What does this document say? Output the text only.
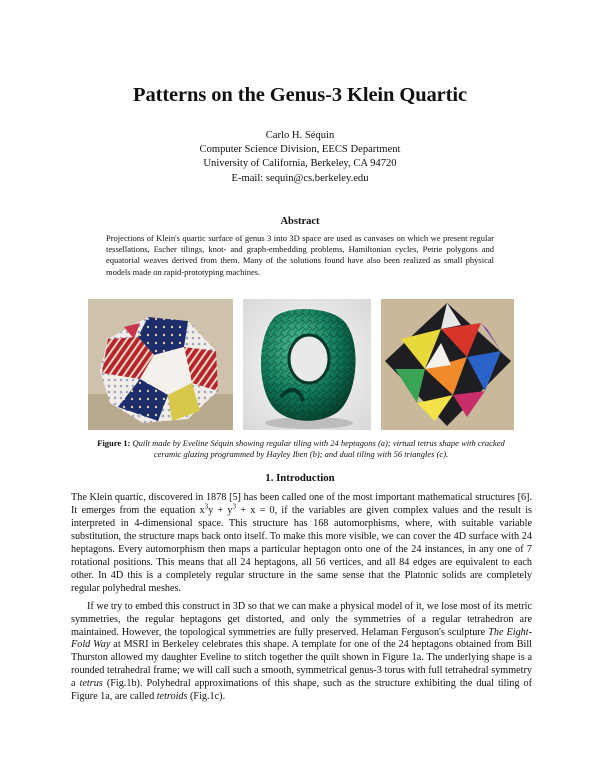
Patterns on the Genus-3 Klein Quartic
Carlo H. Séquin
Computer Science Division, EECS Department
University of California, Berkeley, CA 94720
E-mail: sequin@cs.berkeley.edu
Abstract
Projections of Klein's quartic surface of genus 3 into 3D space are used as canvases on which we present regular tessellations, Escher tilings, knot- and graph-embedding problems, Hamiltonian cycles, Petrie polygons and equatorial weaves derived from them. Many of the solutions found have also been realized as small physical models made on rapid-prototyping machines.
Figure 1: Quilt made by Eveline Séquin showing regular tiling with 24 heptagons (a); virtual tetrus shape with cracked ceramic glazing programmed by Hayley Iben (b); and dual tiling with 56 triangles (c).
1. Introduction

The Klein quartic, discovered in 1878 [5] has been called one of the most important mathematical structures [6]. It emerges from the equation $x^3y + y^3 + x = 0$, if the variables are given complex values and the result is interpreted in 4-dimensional space. This structure has 168 automorphisms, where, with suitable variable substitution, the structure maps back onto itself. To make this more visible, we can cover the 4D surface with 24 heptagons. Every automorphism then maps a particular heptagon onto one of the 24 instances, in any one of 7 rotational positions. This means that all 24 heptagons, all 56 vertices, and all 84 edges are equivalent to each other. In 4D this is a completely regular structure in the same sense that the Platonic solids are completely regular polyhedral meshes.

If we try to embed this construct in 3D so that we can make a physical model of it, we lose most of its metric symmetries, the regular heptagons get distorted, and only the symmetries of a regular tetrahedron are maintained. However, the topological symmetries are fully preserved. Helaman Ferguson's sculpture The Eight-Fold Way at MSRI in Berkeley celebrates this shape. A template for one of the 24 heptagons obtained from Bill Thurston allowed my daughter Eveline to stitch together the quilt shown in Figure 1a. The underlying shape is a rounded tetrahedral frame; we will call such a smooth, symmetrical genus-3 torus with full tetrahedral symmetry a tetrus (Fig.1b). Polyhedral approximations of this shape, such as the structure exhibiting the dual tiling of Figure 1a, are called tetroids (Fig.1c).
